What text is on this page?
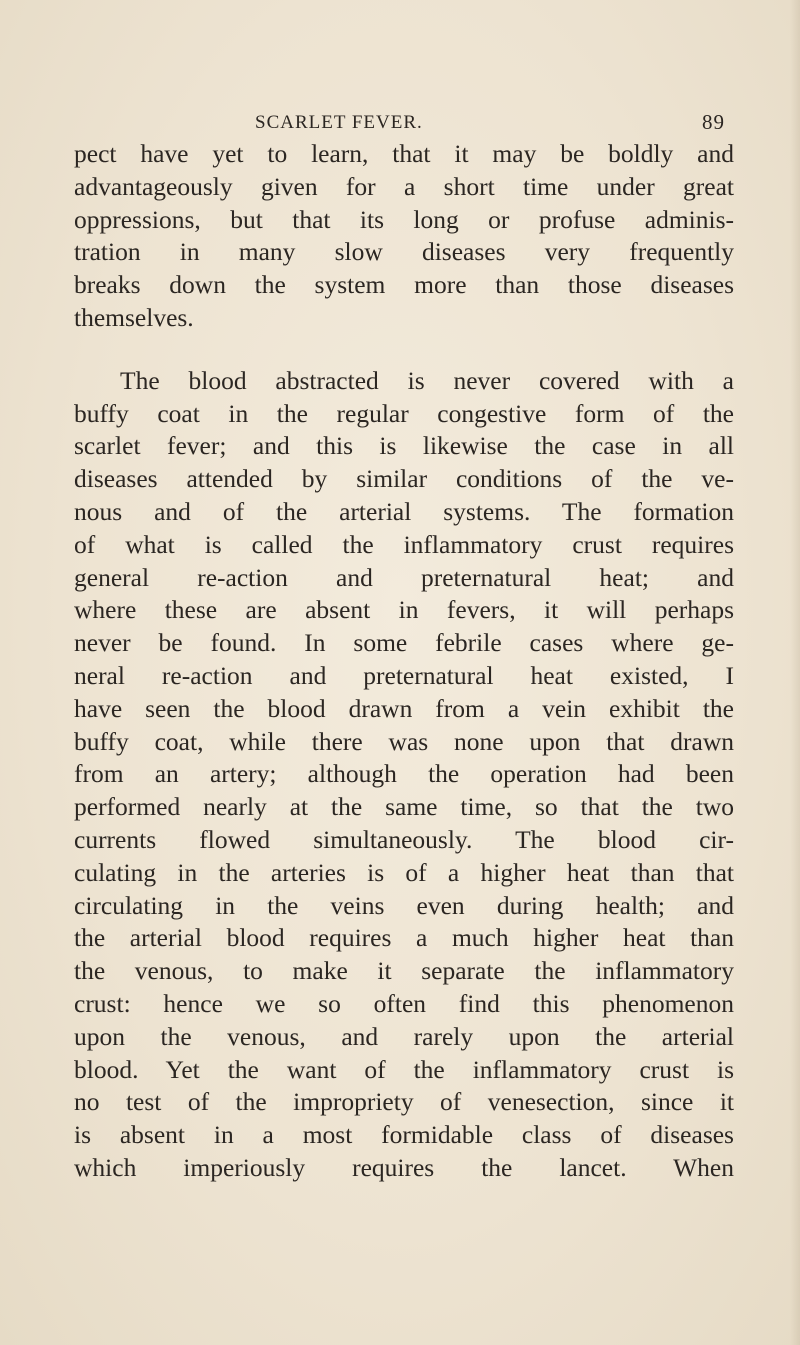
SCARLET FEVER.	89

pect have yet to learn, that it may be boldly and
advantageously given for a short time under great
oppressions, but that its long or profuse adminis-
tration in many slow diseases very frequently
breaks down the system more than those diseases
themselves.

The blood abstracted is never covered with a
buffy coat in the regular congestive form of the
scarlet fever; and this is likewise the case in all
diseases attended by similar conditions of the ve-
nous and of the arterial systems. The formation
of what is called the inflammatory crust requires
general re-action and preternatural heat; and
where these are absent in fevers, it will perhaps
never be found. In some febrile cases where ge-
neral re-action and preternatural heat existed, I
have seen the blood drawn from a vein exhibit the
buffy coat, while there was none upon that drawn
from an artery; although the operation had been
performed nearly at the same time, so that the two
currents flowed simultaneously. The blood cir-
culating in the arteries is of a higher heat than that
circulating in the veins even during health; and
the arterial blood requires a much higher heat than
the venous, to make it separate the inflammatory
crust: hence we so often find this phenomenon
upon the venous, and rarely upon the arterial
blood. Yet the want of the inflammatory crust is
no test of the impropriety of venesection, since it
is absent in a most formidable class of diseases
which imperiously requires the lancet. When
